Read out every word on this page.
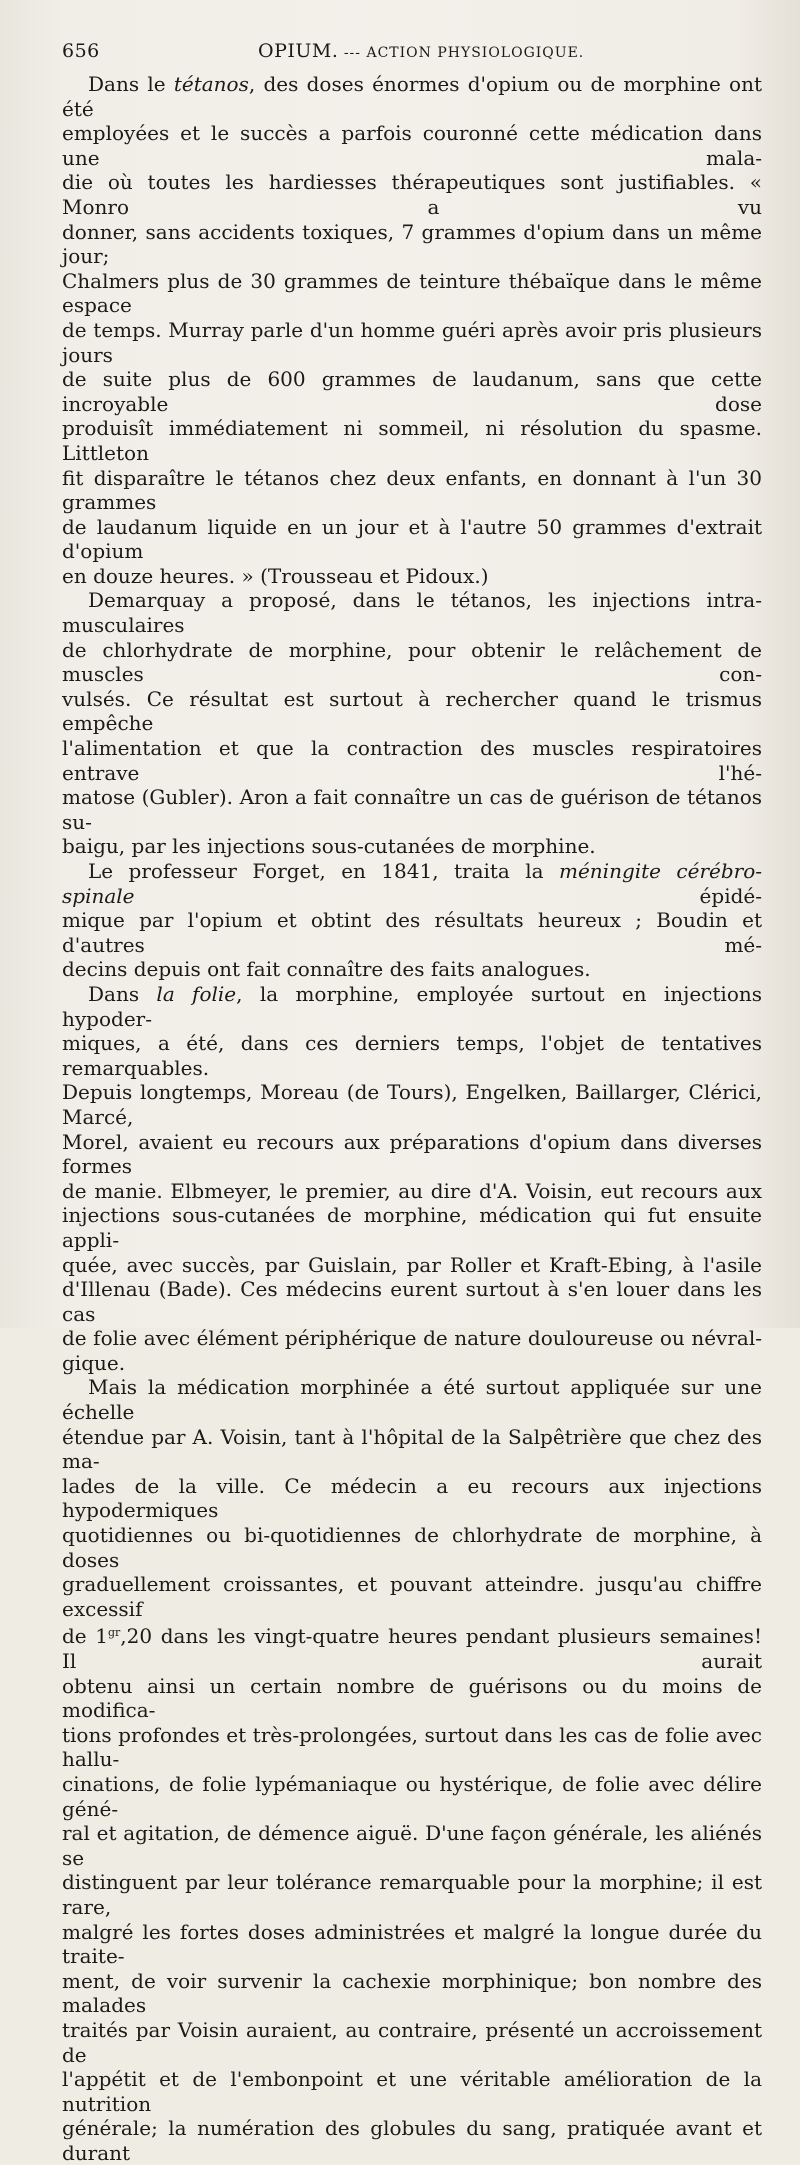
656	OPIUM. --- ACTION PHYSIOLOGIQUE.
Dans le tétanos, des doses énormes d'opium ou de morphine ont été
employées et le succès a parfois couronné cette médication dans une mala-
die où toutes les hardiesses thérapeutiques sont justifiables. « Monro a vu
donner, sans accidents toxiques, 7 grammes d'opium dans un même jour;
Chalmers plus de 30 grammes de teinture thébaïque dans le même espace
de temps. Murray parle d'un homme guéri après avoir pris plusieurs jours
de suite plus de 600 grammes de laudanum, sans que cette incroyable dose
produisît immédiatement ni sommeil, ni résolution du spasme. Littleton
fit disparaître le tétanos chez deux enfants, en donnant à l'un 30 grammes
de laudanum liquide en un jour et à l'autre 50 grammes d'extrait d'opium
en douze heures. » (Trousseau et Pidoux.)
Demarquay a proposé, dans le tétanos, les injections intra-musculaires
de chlorhydrate de morphine, pour obtenir le relâchement de muscles con-
vulsés. Ce résultat est surtout à rechercher quand le trismus empêche
l'alimentation et que la contraction des muscles respiratoires entrave l'hé-
matose (Gubler). Aron a fait connaître un cas de guérison de tétanos su-
baigu, par les injections sous-cutanées de morphine.
Le professeur Forget, en 1841, traita la méningite cérébro-spinale épidé-
mique par l'opium et obtint des résultats heureux ; Boudin et d'autres mé-
decins depuis ont fait connaître des faits analogues.
Dans la folie, la morphine, employée surtout en injections hypoder-
miques, a été, dans ces derniers temps, l'objet de tentatives remarquables.
Depuis longtemps, Moreau (de Tours), Engelken, Baillarger, Clérici, Marcé,
Morel, avaient eu recours aux préparations d'opium dans diverses formes
de manie. Elbmeyer, le premier, au dire d'A. Voisin, eut recours aux
injections sous-cutanées de morphine, médication qui fut ensuite appli-
quée, avec succès, par Guislain, par Roller et Kraft-Ebing, à l'asile
d'Illenau (Bade). Ces médecins eurent surtout à s'en louer dans les cas
de folie avec élément périphérique de nature douloureuse ou névral-
gique.
Mais la médication morphinée a été surtout appliquée sur une échelle
étendue par A. Voisin, tant à l'hôpital de la Salpêtrière que chez des ma-
lades de la ville. Ce médecin a eu recours aux injections hypodermiques
quotidiennes ou bi-quotidiennes de chlorhydrate de morphine, à doses
graduellement croissantes, et pouvant atteindre. jusqu'au chiffre excessif
de $1^{gr},20$ dans les vingt-quatre heures pendant plusieurs semaines! Il aurait
obtenu ainsi un certain nombre de guérisons ou du moins de modifica-
tions profondes et très-prolongées, surtout dans les cas de folie avec hallu-
cinations, de folie lypémaniaque ou hystérique, de folie avec délire géné-
ral et agitation, de démence aiguë. D'une façon générale, les aliénés se
distinguent par leur tolérance remarquable pour la morphine; il est rare,
malgré les fortes doses administrées et malgré la longue durée du traite-
ment, de voir survenir la cachexie morphinique; bon nombre des malades
traités par Voisin auraient, au contraire, présenté un accroissement de
l'appétit et de l'embonpoint et une véritable amélioration de la nutrition
générale; la numération des globules du sang, pratiquée avant et durant
